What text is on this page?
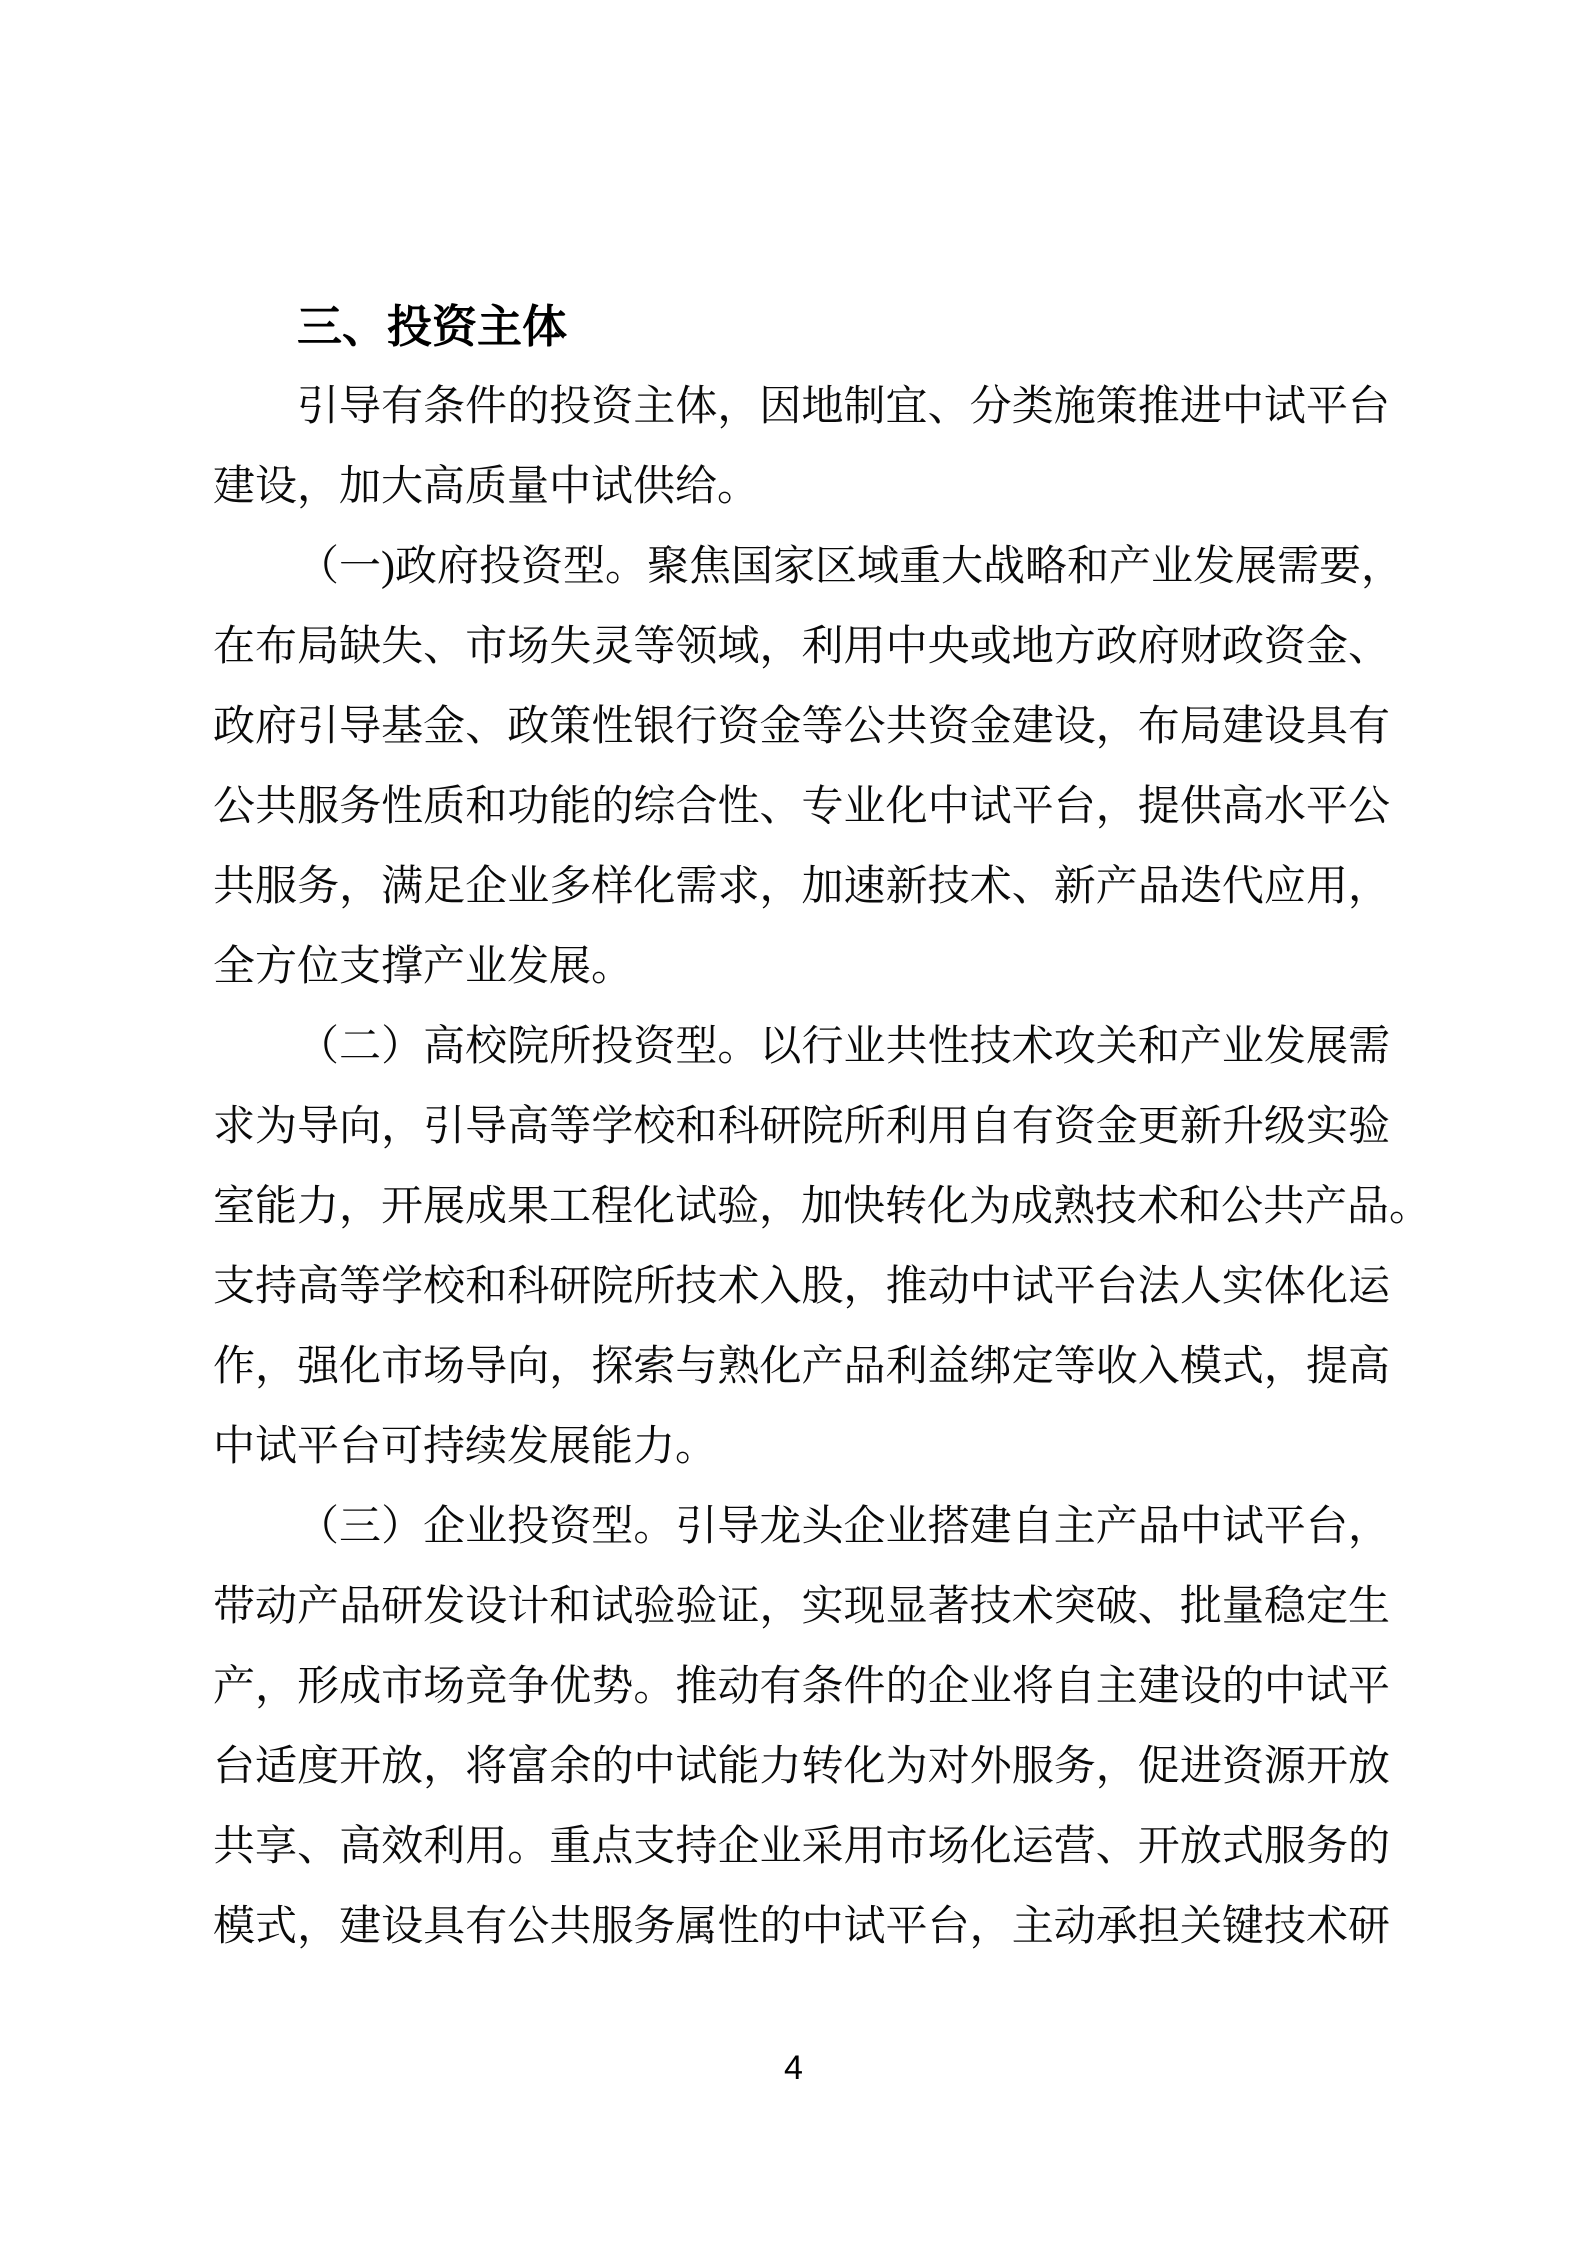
三、投资主体
引导有条件的投资主体，因地制宜、分类施策推进中试平台
建设，加大高质量中试供给。
（一)政府投资型。聚焦国家区域重大战略和产业发展需要，
在布局缺失、市场失灵等领域，利用中央或地方政府财政资金、
政府引导基金、政策性银行资金等公共资金建设，布局建设具有
公共服务性质和功能的综合性、专业化中试平台，提供高水平公
共服务，满足企业多样化需求，加速新技术、新产品迭代应用，
全方位支撑产业发展。
（二）高校院所投资型。以行业共性技术攻关和产业发展需
求为导向，引导高等学校和科研院所利用自有资金更新升级实验
室能力，开展成果工程化试验，加快转化为成熟技术和公共产品。
支持高等学校和科研院所技术入股，推动中试平台法人实体化运
作，强化市场导向，探索与熟化产品利益绑定等收入模式，提高
中试平台可持续发展能力。
（三）企业投资型。引导龙头企业搭建自主产品中试平台，
带动产品研发设计和试验验证，实现显著技术突破、批量稳定生
产，形成市场竞争优势。推动有条件的企业将自主建设的中试平
台适度开放，将富余的中试能力转化为对外服务，促进资源开放
共享、高效利用。重点支持企业采用市场化运营、开放式服务的
模式，建设具有公共服务属性的中试平台，主动承担关键技术研
4
